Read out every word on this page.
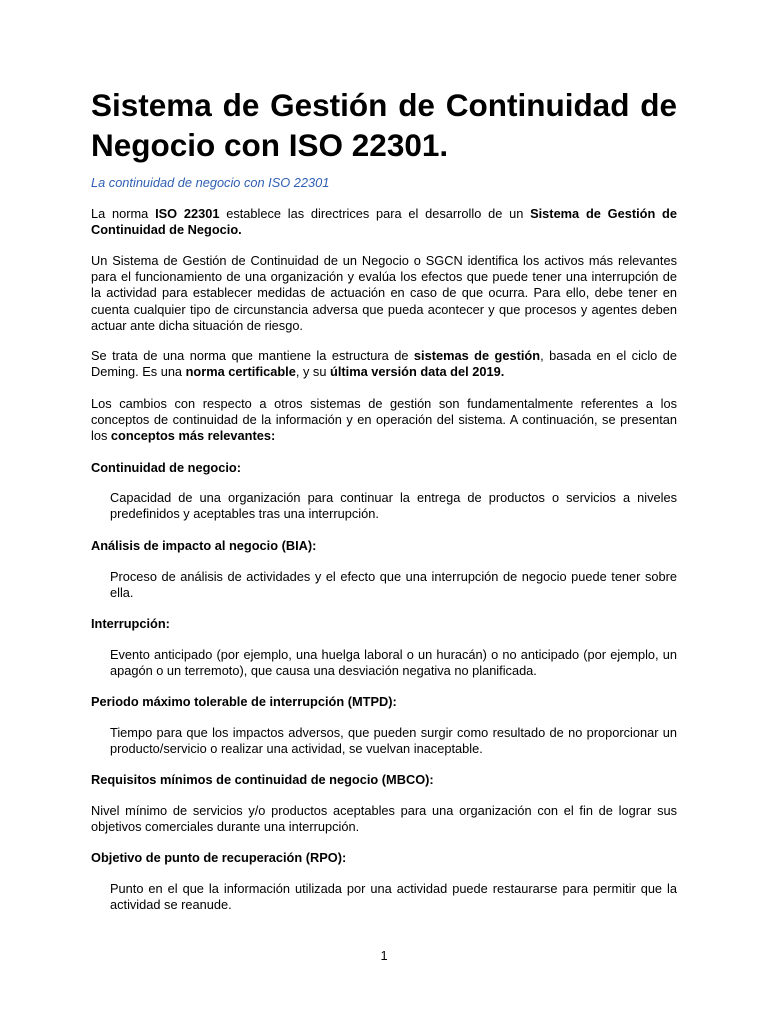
Sistema de Gestión de Continuidad de Negocio con ISO 22301.

La continuidad de negocio con ISO 22301

La norma ISO 22301 establece las directrices para el desarrollo de un Sistema de Gestión de Continuidad de Negocio.

Un Sistema de Gestión de Continuidad de un Negocio o SGCN identifica los activos más relevantes para el funcionamiento de una organización y evalúa los efectos que puede tener una interrupción de la actividad para establecer medidas de actuación en caso de que ocurra. Para ello, debe tener en cuenta cualquier tipo de circunstancia adversa que pueda acontecer y que procesos y agentes deben actuar ante dicha situación de riesgo.

Se trata de una norma que mantiene la estructura de sistemas de gestión, basada en el ciclo de Deming. Es una norma certificable, y su última versión data del 2019.

Los cambios con respecto a otros sistemas de gestión son fundamentalmente referentes a los conceptos de continuidad de la información y en operación del sistema. A continuación, se presentan los conceptos más relevantes:

Continuidad de negocio:

Capacidad de una organización para continuar la entrega de productos o servicios a niveles predefinidos y aceptables tras una interrupción.

Análisis de impacto al negocio (BIA):

Proceso de análisis de actividades y el efecto que una interrupción de negocio puede tener sobre ella.

Interrupción:

Evento anticipado (por ejemplo, una huelga laboral o un huracán) o no anticipado (por ejemplo, un apagón o un terremoto), que causa una desviación negativa no planificada.

Periodo máximo tolerable de interrupción (MTPD):

Tiempo para que los impactos adversos, que pueden surgir como resultado de no proporcionar un producto/servicio o realizar una actividad, se vuelvan inaceptable.

Requisitos mínimos de continuidad de negocio (MBCO):

Nivel mínimo de servicios y/o productos aceptables para una organización con el fin de lograr sus objetivos comerciales durante una interrupción.

Objetivo de punto de recuperación (RPO):

Punto en el que la información utilizada por una actividad puede restaurarse para permitir que la actividad se reanude.

1
